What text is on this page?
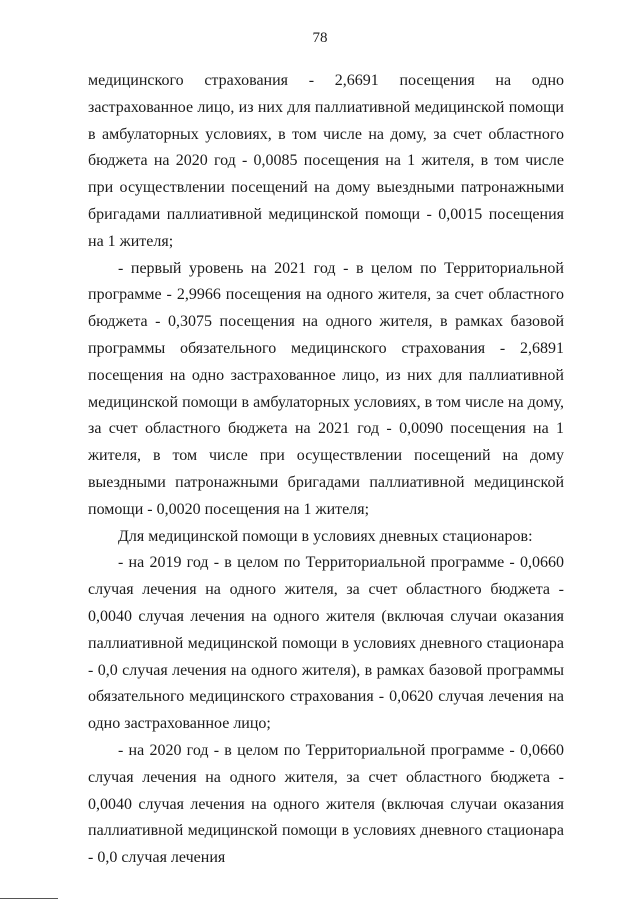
78

медицинского страхования - 2,6691 посещения на одно застрахованное лицо, из них для паллиативной медицинской помощи в амбулаторных условиях, в том числе на дому, за счет областного бюджета на 2020 год - 0,0085 посещения на 1 жителя, в том числе при осуществлении посещений на дому выездными патронажными бригадами паллиативной медицинской помощи - 0,0015 посещения на 1 жителя;

- первый уровень на 2021 год - в целом по Территориальной программе - 2,9966 посещения на одного жителя, за счет областного бюджета - 0,3075 посещения на одного жителя, в рамках базовой программы обязательного медицинского страхования - 2,6891 посещения на одно застрахованное лицо, из них для паллиативной медицинской помощи в амбулаторных условиях, в том числе на дому, за счет областного бюджета на 2021 год - 0,0090 посещения на 1 жителя, в том числе при осуществлении посещений на дому выездными патронажными бригадами паллиативной медицинской помощи - 0,0020 посещения на 1 жителя;

Для медицинской помощи в условиях дневных стационаров:

- на 2019 год - в целом по Территориальной программе - 0,0660 случая лечения на одного жителя, за счет областного бюджета - 0,0040 случая лечения на одного жителя (включая случаи оказания паллиативной медицинской помощи в условиях дневного стационара - 0,0 случая лечения на одного жителя), в рамках базовой программы обязательного медицинского страхования - 0,0620 случая лечения на одно застрахованное лицо;

- на 2020 год - в целом по Территориальной программе - 0,0660 случая лечения на одного жителя, за счет областного бюджета - 0,0040 случая лечения на одного жителя (включая случаи оказания паллиативной медицинской помощи в условиях дневного стационара - 0,0 случая лечения
